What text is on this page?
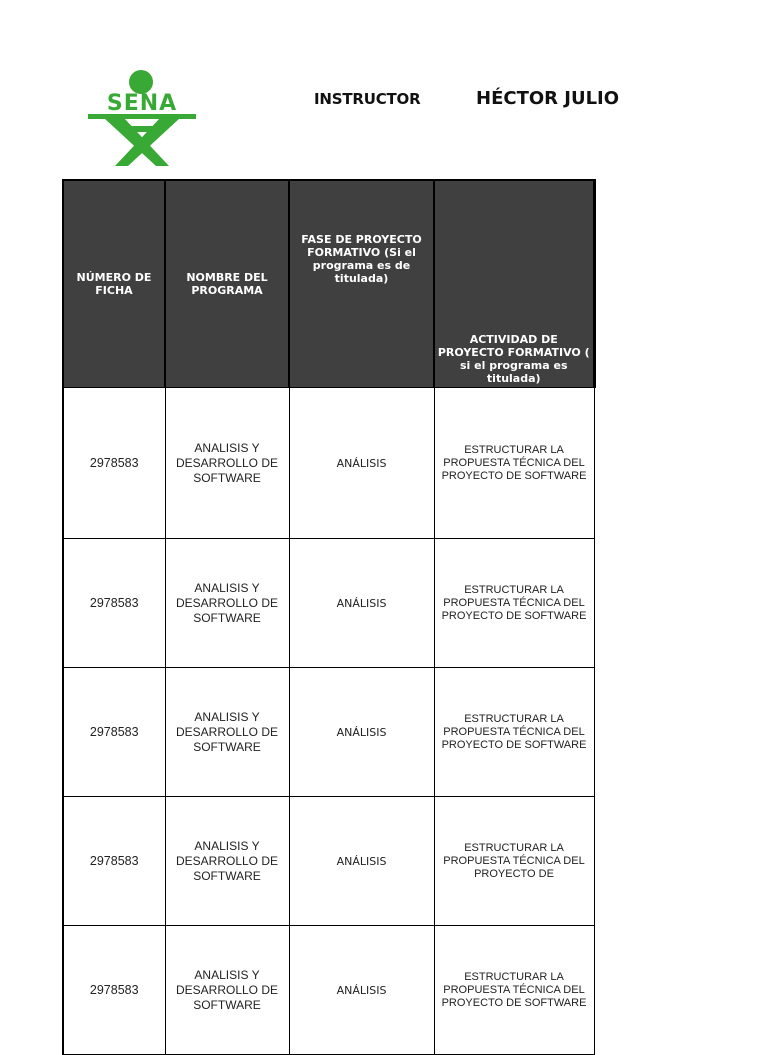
SENA	INSTRUCTOR	HÉCTOR JULIO
NÚMERO DE FICHA	NOMBRE DEL PROGRAMA	FASE DE PROYECTO FORMATIVO (Si el programa es de titulada)	ACTIVIDAD DE PROYECTO FORMATIVO ( si el programa es titulada)
2978583	ANALISIS Y DESARROLLO DE SOFTWARE	ANÁLISIS	ESTRUCTURAR LA PROPUESTA TÉCNICA DEL PROYECTO DE SOFTWARE
2978583	ANALISIS Y DESARROLLO DE SOFTWARE	ANÁLISIS	ESTRUCTURAR LA PROPUESTA TÉCNICA DEL PROYECTO DE SOFTWARE
2978583	ANALISIS Y DESARROLLO DE SOFTWARE	ANÁLISIS	ESTRUCTURAR LA PROPUESTA TÉCNICA DEL PROYECTO DE SOFTWARE
2978583	ANALISIS Y DESARROLLO DE SOFTWARE	ANÁLISIS	ESTRUCTURAR LA PROPUESTA TÉCNICA DEL PROYECTO DE
2978583	ANALISIS Y DESARROLLO DE SOFTWARE	ANÁLISIS	ESTRUCTURAR LA PROPUESTA TÉCNICA DEL PROYECTO DE SOFTWARE
